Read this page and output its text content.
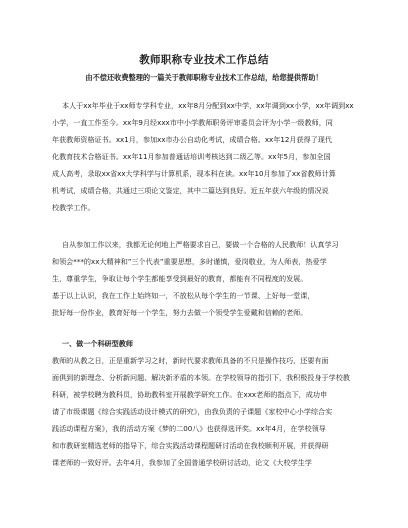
教师职称专业技术工作总结
由不偿还收费整理的一篇关于教师职称专业技术工作总结，给您提供帮助！
本人于xx年毕业于xx师专学科专业，xx年8月分配到xx中学，xx年调到xx小学，xx年调到xx
小学，一直工作至今。xx年9月经xxx市中小学教师职务评审委员会评为小学一级教师，同
年获教师资格证书。xx1月，参加xx市办公自动化考试，成绩合格。xx年12月获得了现代
化教育技术合格证书。xx年11月参加普通话培训考核达到二级乙等。xx年5月，参加全国
成人高考，录取xx省xx大学科学与计算机系，现本科在读。xx年10月参加了xx省教师计算
机考试，成绩合格，共通过三项论文鉴定，其中二篇达到良好。近五年获六年级的情况说
校教学工作。
自从参加工作以来，我都无论何地上严格要求自己，要做一个合格的人民教师！认真学习
和领会***的xx大精神和”三个代表”重要思想，多时谨慎，爱岗敬业，为人师表，热爱学
生，尊重学生，争取让每个学生都能享受到最好的教育，都能有不同程度的发展。
基于以上认识，我在工作上始终如一，不放松从每个学生的一节课、上好每一堂课，
批好每一份作业，教育好每一个学生，努力去做一个领受学生爱戴和信赖的老师。
一、做一个科研型教师
教师的从教之日，正是重新学习之时，新时代要求教师具备的不只是操作技巧，还要有面
面俱到的新理念、分析新问题、解决新矛盾的本领。在学校领导的指引下，我积极投身于学校教
科研，被学校聘为教科员，协助教科室开展教学研究工作。在xxx老师的指点下，成功申
请了市级课题《综合实践活动设计模式的研究》，由我负责的子课题《家校中心小学综合实
践活动课程方案》，我的活动方案《梦的二00八》也获得选评奖。xx年4月，在学校领导
和市教研室精选老师的指导下，综合实践活动课程题研讨活动在我校顺利开展，并获得研
课老师的一致好评。去年4月，我参加了全国普通学校研讨活动，论文《大校学生学
